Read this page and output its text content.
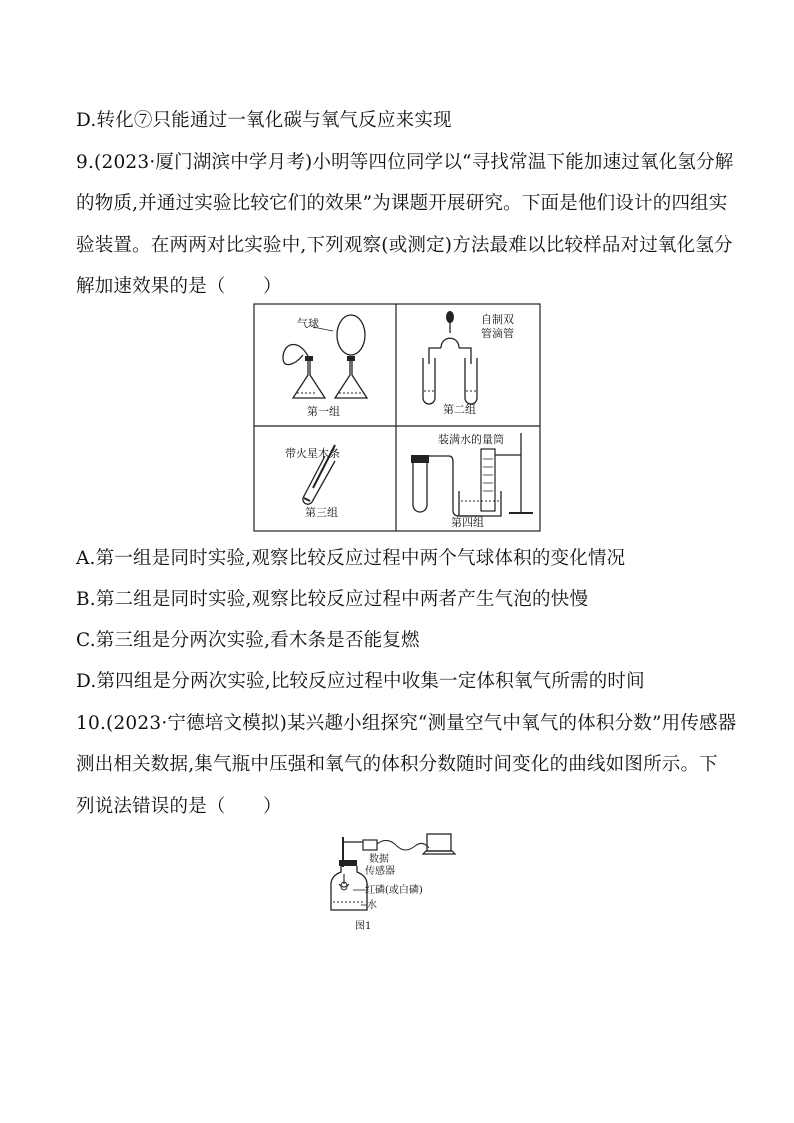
D.转化⑦只能通过一氧化碳与氧气反应来实现
9.(2023·厦门湖滨中学月考)小明等四位同学以“寻找常温下能加速过氧化氢分解
的物质,并通过实验比较它们的效果”为课题开展研究。下面是他们设计的四组实
验装置。在两两对比实验中,下列观察(或测定)方法最难以比较样品对过氧化氢分
解加速效果的是（　　）
气球
第一组
自制双
管滴管
第二组
带火星木条
第三组
装满水的量筒
第四组
A.第一组是同时实验,观察比较反应过程中两个气球体积的变化情况
B.第二组是同时实验,观察比较反应过程中两者产生气泡的快慢
C.第三组是分两次实验,看木条是否能复燃
D.第四组是分两次实验,比较反应过程中收集一定体积氧气所需的时间
10.(2023·宁德培文模拟)某兴趣小组探究“测量空气中氧气的体积分数”用传感器
测出相关数据,集气瓶中压强和氧气的体积分数随时间变化的曲线如图所示。下
列说法错误的是（　　）
数据
传感器
红磷(或白磷)
水
图1
